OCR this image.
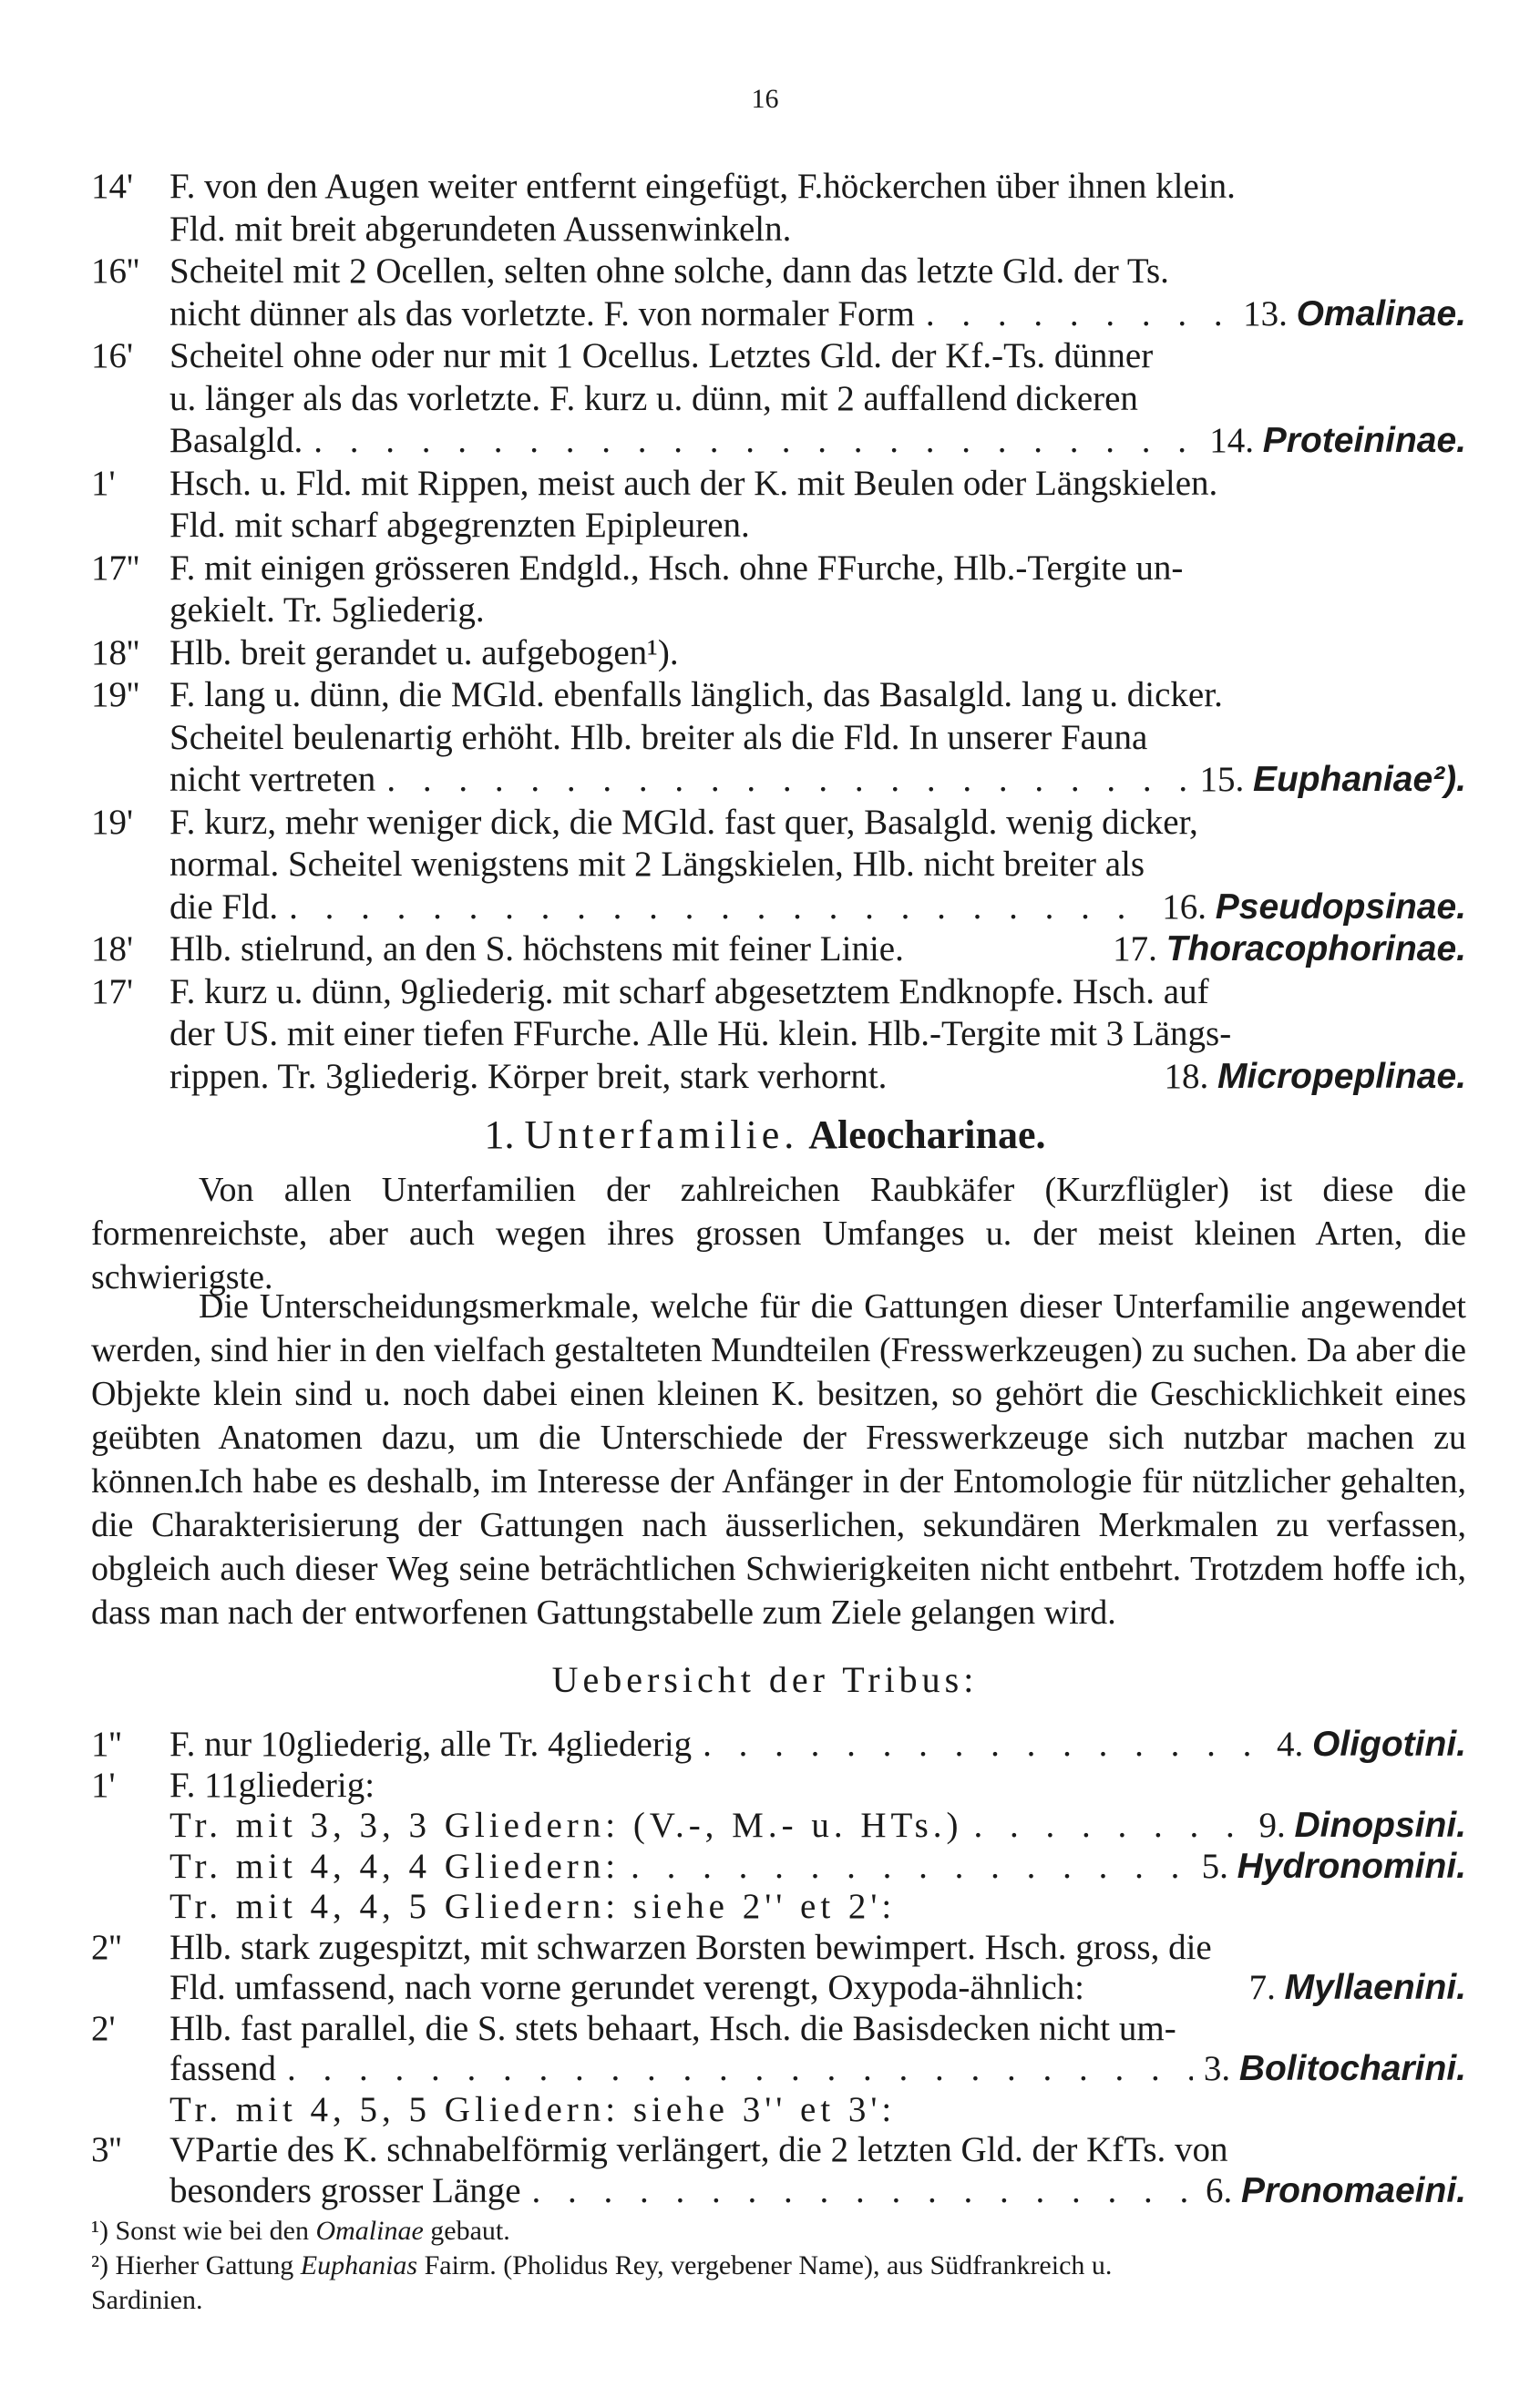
16
14'	F. von den Augen weiter entfernt eingefügt, F.höckerchen über ihnen klein.
Fld. mit breit abgerundeten Aussenwinkeln.
16'' Scheitel mit 2 Ocellen, selten ohne solche, dann das letzte Gld. der Ts.
nicht dünner als das vorletzte. F. von normaler Form . . .	13. Omalinae.
16'	Scheitel ohne oder nur mit 1 Ocellus. Letztes Gld. der Kf.-Ts. dünner
u. länger als das vorletzte. F. kurz u. dünn, mit 2 auffallend dickeren
Basalgld. . . .	14. Proteininae.
1'	Hsch. u. Fld. mit Rippen, meist auch der K. mit Beulen oder Längskielen.
Fld. mit scharf abgegrenzten Epipleuren.
17'' F. mit einigen grösseren Endgld., Hsch. ohne FFurche, Hlb.-Tergite un-
gekielt. Tr. 5gliederig.
18'' Hlb. breit gerandet u. aufgebogen¹).
19'' F. lang u. dünn, die MGld. ebenfalls länglich, das Basalgld. lang u. dicker.
Scheitel beulenartig erhöht. Hlb. breiter als die Fld. In unserer Fauna
nicht vertreten . . .	15. Euphaniae²).
19'	F. kurz, mehr weniger dick, die MGld. fast quer, Basalgld. wenig dicker,
normal. Scheitel wenigstens mit 2 Längskielen, Hlb. nicht breiter als
die Fld. . . .	16. Pseudopsinae.
18'	Hlb. stielrund, an den S. höchstens mit feiner Linie.	17. Thoracophorinae.
17'	F. kurz u. dünn, 9gliederig. mit scharf abgesetztem Endknopfe. Hsch. auf
der US. mit einer tiefen FFurche. Alle Hü. klein. Hlb.-Tergite mit 3 Längs-
rippen. Tr. 3gliederig. Körper breit, stark verhornt.	18. Micropeplinae.
1. Unterfamilie. Aleocharinae.
Von allen Unterfamilien der zahlreichen Raubkäfer (Kurzflügler) ist diese die formenreichste, aber auch wegen ihres grossen Umfanges u. der meist kleinen Arten, die schwierigste.
Die Unterscheidungsmerkmale, welche für die Gattungen dieser Unterfamilie angewendet werden, sind hier in den vielfach gestalteten Mundteilen (Fresswerkzeugen) zu suchen. Da aber die Objekte klein sind u. noch dabei einen kleinen K. besitzen, so gehört die Geschicklichkeit eines geübten Anatomen dazu, um die Unterschiede der Fresswerkzeuge sich nutzbar machen zu können.
Ich habe es deshalb, im Interesse der Anfänger in der Entomologie für nützlicher gehalten, die Charakterisierung der Gattungen nach äusserlichen, sekundären Merkmalen zu verfassen, obgleich auch dieser Weg seine beträchtlichen Schwierigkeiten nicht entbehrt. Trotzdem hoffe ich, dass man nach der entworfenen Gattungstabelle zum Ziele gelangen wird.
Uebersicht der Tribus:
1''	F. nur 10gliederig, alle Tr. 4gliederig . . .	4. Oligotini.
1'	F. 11gliederig:
Tr. mit 3, 3, 3 Gliedern: (V.-, M.- u. HTs.) . . .	9. Dinopsini.
Tr. mit 4, 4, 4 Gliedern: . . .	5. Hydronomini.
Tr. mit 4, 4, 5 Gliedern: siehe 2'' et 2':
2''	Hlb. stark zugespitzt, mit schwarzen Borsten bewimpert. Hsch. gross, die
Fld. umfassend, nach vorne gerundet verengt, Oxypoda-ähnlich:	7. Myllaenini.
2'	Hlb. fast parallel, die S. stets behaart, Hsch. die Basisdecken nicht um-
fassend . . .	3. Bolitocharini.
Tr. mit 4, 5, 5 Gliedern: siehe 3'' et 3':
3''	VPartie des K. schnabelförmig verlängert, die 2 letzten Gld. der KfTs. von
besonders grosser Länge . . .	6. Pronomaeini.
¹) Sonst wie bei den Omalinae gebaut.
²) Hierher Gattung Euphanias Fairm. (Pholidus Rey, vergebener Name), aus Südfrankreich u.
Sardinien.
